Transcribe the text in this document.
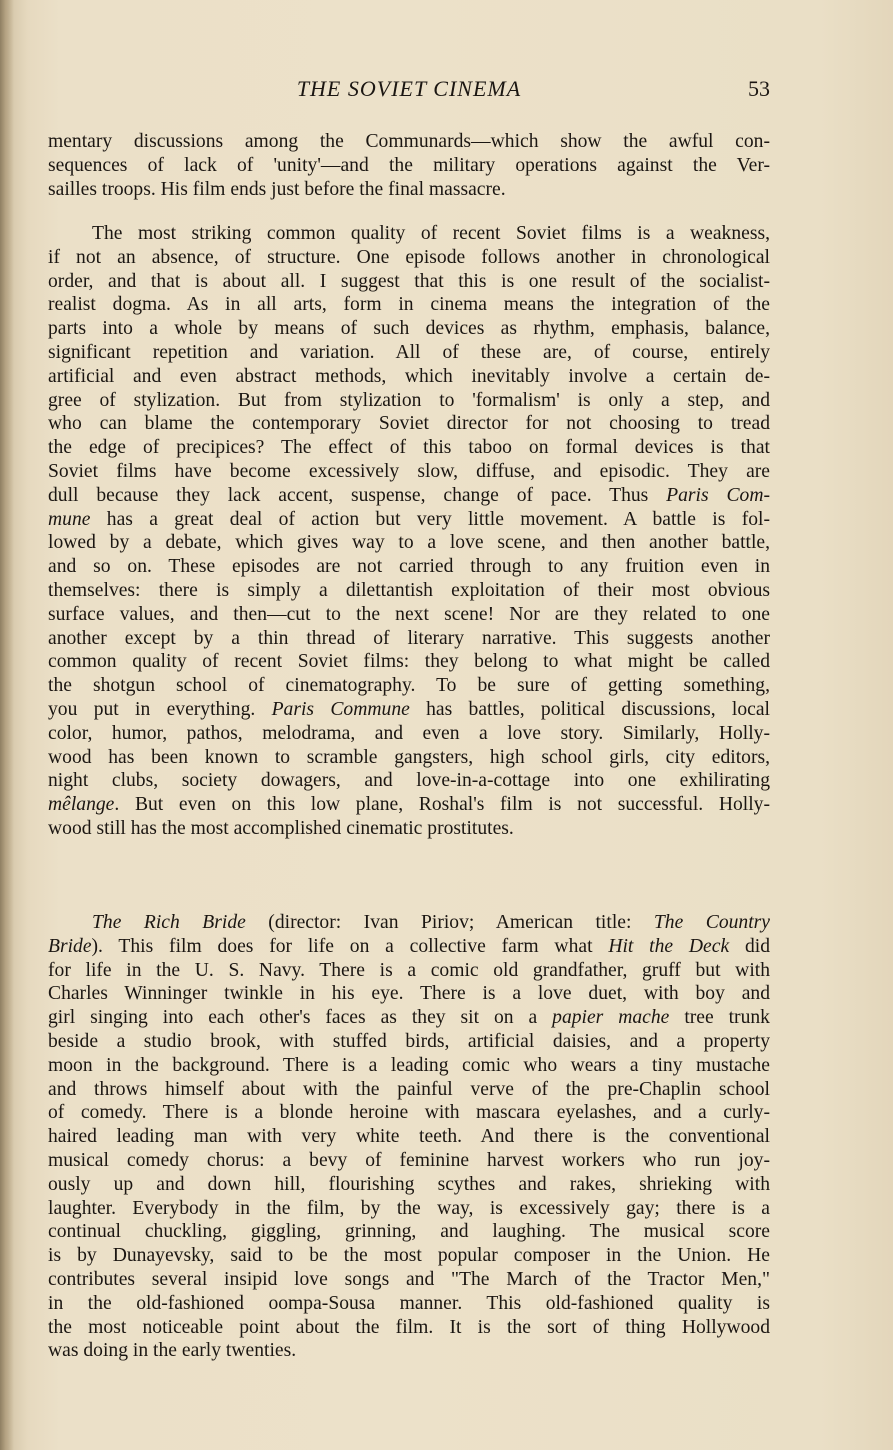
THE SOVIET CINEMA	53
mentary discussions among the Communards—which show the awful con-
sequences of lack of 'unity'—and the military operations against the Ver-
sailles troops. His film ends just before the final massacre.
The most striking common quality of recent Soviet films is a weakness,
if not an absence, of structure. One episode follows another in chronological
order, and that is about all. I suggest that this is one result of the socialist-
realist dogma. As in all arts, form in cinema means the integration of the
parts into a whole by means of such devices as rhythm, emphasis, balance,
significant repetition and variation. All of these are, of course, entirely
artificial and even abstract methods, which inevitably involve a certain de-
gree of stylization. But from stylization to 'formalism' is only a step, and
who can blame the contemporary Soviet director for not choosing to tread
the edge of precipices? The effect of this taboo on formal devices is that
Soviet films have become excessively slow, diffuse, and episodic. They are
dull because they lack accent, suspense, change of pace. Thus Paris Com-
mune has a great deal of action but very little movement. A battle is fol-
lowed by a debate, which gives way to a love scene, and then another battle,
and so on. These episodes are not carried through to any fruition even in
themselves: there is simply a dilettantish exploitation of their most obvious
surface values, and then—cut to the next scene! Nor are they related to one
another except by a thin thread of literary narrative. This suggests another
common quality of recent Soviet films: they belong to what might be called
the shotgun school of cinematography. To be sure of getting something,
you put in everything. Paris Commune has battles, political discussions, local
color, humor, pathos, melodrama, and even a love story. Similarly, Holly-
wood has been known to scramble gangsters, high school girls, city editors,
night clubs, society dowagers, and love-in-a-cottage into one exhilirating
mêlange. But even on this low plane, Roshal's film is not successful. Holly-
wood still has the most accomplished cinematic prostitutes.
The Rich Bride (director: Ivan Piriov; American title: The Country
Bride). This film does for life on a collective farm what Hit the Deck did
for life in the U. S. Navy. There is a comic old grandfather, gruff but with
Charles Winninger twinkle in his eye. There is a love duet, with boy and
girl singing into each other's faces as they sit on a papier mache tree trunk
beside a studio brook, with stuffed birds, artificial daisies, and a property
moon in the background. There is a leading comic who wears a tiny mustache
and throws himself about with the painful verve of the pre-Chaplin school
of comedy. There is a blonde heroine with mascara eyelashes, and a curly-
haired leading man with very white teeth. And there is the conventional
musical comedy chorus: a bevy of feminine harvest workers who run joy-
ously up and down hill, flourishing scythes and rakes, shrieking with
laughter. Everybody in the film, by the way, is excessively gay; there is a
continual chuckling, giggling, grinning, and laughing. The musical score
is by Dunayevsky, said to be the most popular composer in the Union. He
contributes several insipid love songs and "The March of the Tractor Men,"
in the old-fashioned oompa-Sousa manner. This old-fashioned quality is
the most noticeable point about the film. It is the sort of thing Hollywood
was doing in the early twenties.
